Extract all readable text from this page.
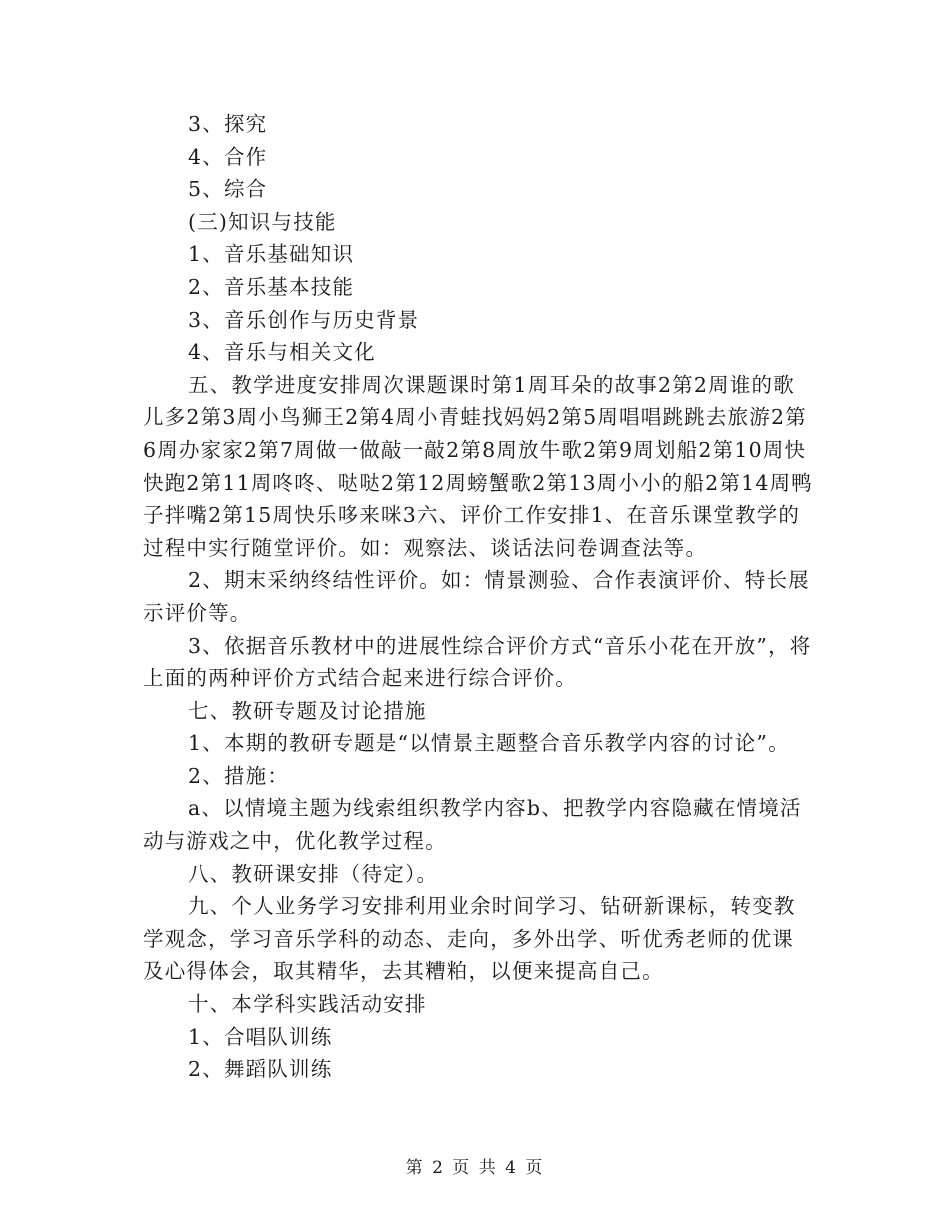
3、探究
4、合作
5、综合
(三)知识与技能
1、音乐基础知识
2、音乐基本技能
3、音乐创作与历史背景
4、音乐与相关文化

五、教学进度安排周次课题课时第1周耳朵的故事2第2周谁的歌儿多2第3周小鸟狮王2第4周小青蛙找妈妈2第5周唱唱跳跳去旅游2第6周办家家2第7周做一做敲一敲2第8周放牛歌2第9周划船2第10周快快跑2第11周咚咚、哒哒2第12周螃蟹歌2第13周小小的船2第14周鸭子拌嘴2第15周快乐哆来咪3六、评价工作安排1、在音乐课堂教学的过程中实行随堂评价。如：观察法、谈话法问卷调查法等。

2、期末采纳终结性评价。如：情景测验、合作表演评价、特长展示评价等。

3、依据音乐教材中的进展性综合评价方式“音乐小花在开放”，将上面的两种评价方式结合起来进行综合评价。

七、教研专题及讨论措施

1、本期的教研专题是“以情景主题整合音乐教学内容的讨论”。

2、措施：

a、以情境主题为线索组织教学内容b、把教学内容隐藏在情境活动与游戏之中，优化教学过程。

八、教研课安排（待定）。

九、个人业务学习安排利用业余时间学习、钻研新课标，转变教学观念，学习音乐学科的动态、走向，多外出学、听优秀老师的优课及心得体会，取其精华，去其糟粕，以便来提高自己。

十、本学科实践活动安排

1、合唱队训练

2、舞蹈队训练

第 2 页 共 4 页
